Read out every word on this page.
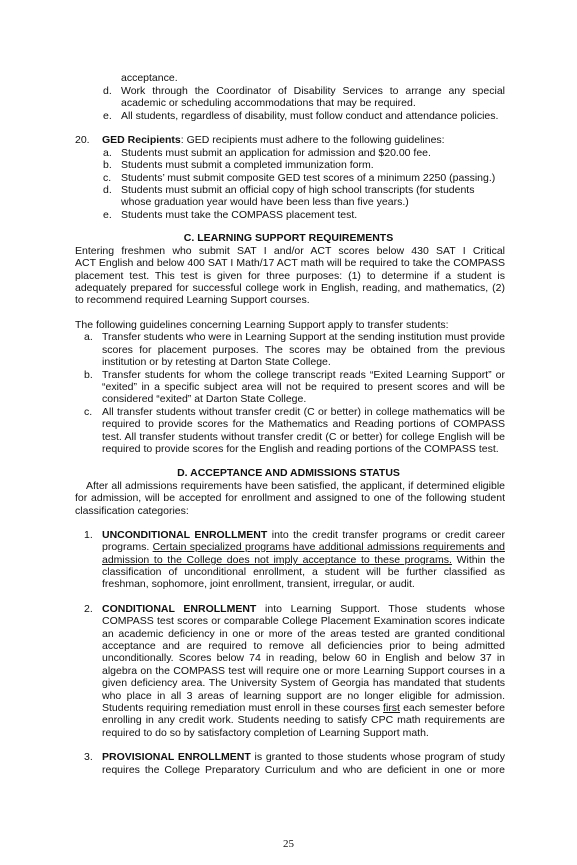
acceptance.
d. Work through the Coordinator of Disability Services to arrange any special
academic or scheduling accommodations that may be required.
e. All students, regardless of disability, must follow conduct and attendance policies.
20. GED Recipients: GED recipients must adhere to the following guidelines:
a. Students must submit an application for admission and $20.00 fee.
b. Students must submit a completed immunization form.
c. Students’ must submit composite GED test scores of a minimum 2250 (passing.)
d. Students must submit an official copy of high school transcripts (for students
whose graduation year would have been less than five years.)
e. Students must take the COMPASS placement test.
C. LEARNING SUPPORT REQUIREMENTS
Entering freshmen who submit SAT I and/or ACT scores below 430 SAT I Critical
ACT English and below 400 SAT I Math/17 ACT math will be required to take the COMPASS
placement test. This test is given for three purposes: (1) to determine if a student is
adequately prepared for successful college work in English, reading, and mathematics, (2)
to recommend required Learning Support courses.
The following guidelines concerning Learning Support apply to transfer students:
a. Transfer students who were in Learning Support at the sending institution must provide
scores for placement purposes. The scores may be obtained from the previous
institution or by retesting at Darton State College.
b. Transfer students for whom the college transcript reads “Exited Learning Support” or
“exited” in a specific subject area will not be required to present scores and will be
considered “exited” at Darton State College.
c. All transfer students without transfer credit (C or better) in college mathematics will be
required to provide scores for the Mathematics and Reading portions of COMPASS
test. All transfer students without transfer credit (C or better) for college English will be
required to provide scores for the English and reading portions of the COMPASS test.
D. ACCEPTANCE AND ADMISSIONS STATUS
After all admissions requirements have been satisfied, the applicant, if determined eligible
for admission, will be accepted for enrollment and assigned to one of the following student
classification categories:
1. UNCONDITIONAL ENROLLMENT into the credit transfer programs or credit career
programs. Certain specialized programs have additional admissions requirements and
admission to the College does not imply acceptance to these programs. Within the
classification of unconditional enrollment, a student will be further classified as
freshman, sophomore, joint enrollment, transient, irregular, or audit.
2. CONDITIONAL ENROLLMENT into Learning Support. Those students whose
COMPASS test scores or comparable College Placement Examination scores indicate
an academic deficiency in one or more of the areas tested are granted conditional
acceptance and are required to remove all deficiencies prior to being admitted
unconditionally. Scores below 74 in reading, below 60 in English and below 37 in
algebra on the COMPASS test will require one or more Learning Support courses in a
given deficiency area. The University System of Georgia has mandated that students
who place in all 3 areas of learning support are no longer eligible for admission.
Students requiring remediation must enroll in these courses first each semester before
enrolling in any credit work. Students needing to satisfy CPC math requirements are
required to do so by satisfactory completion of Learning Support math.
3. PROVISIONAL ENROLLMENT is granted to those students whose program of study
requires the College Preparatory Curriculum and who are deficient in one or more
25
